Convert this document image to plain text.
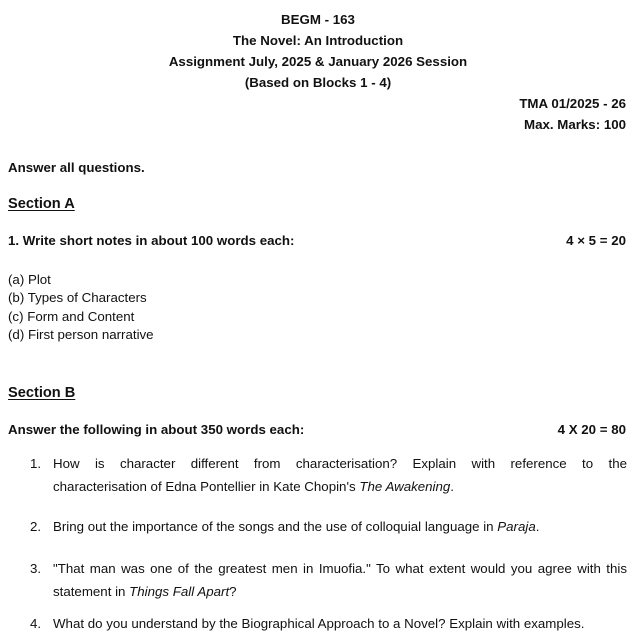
BEGM - 163
The Novel: An Introduction
Assignment July, 2025 & January 2026 Session
(Based on Blocks 1 - 4)
TMA 01/2025 - 26
Max. Marks: 100
Answer all questions.
Section A
1. Write short notes in about 100 words each:	4 × 5 = 20
(a) Plot
(b) Types of Characters
(c) Form and Content
(d) First person narrative
Section B
Answer the following in about 350 words each:	4 X 20 = 80
1. How is character different from characterisation? Explain with reference to the
characterisation of Edna Pontellier in Kate Chopin's The Awakening.
2. Bring out the importance of the songs and the use of colloquial language in Paraja.
3. "That man was one of the greatest men in Imuofia." To what extent would you agree with this
statement in Things Fall Apart?
4. What do you understand by the Biographical Approach to a Novel? Explain with examples.
